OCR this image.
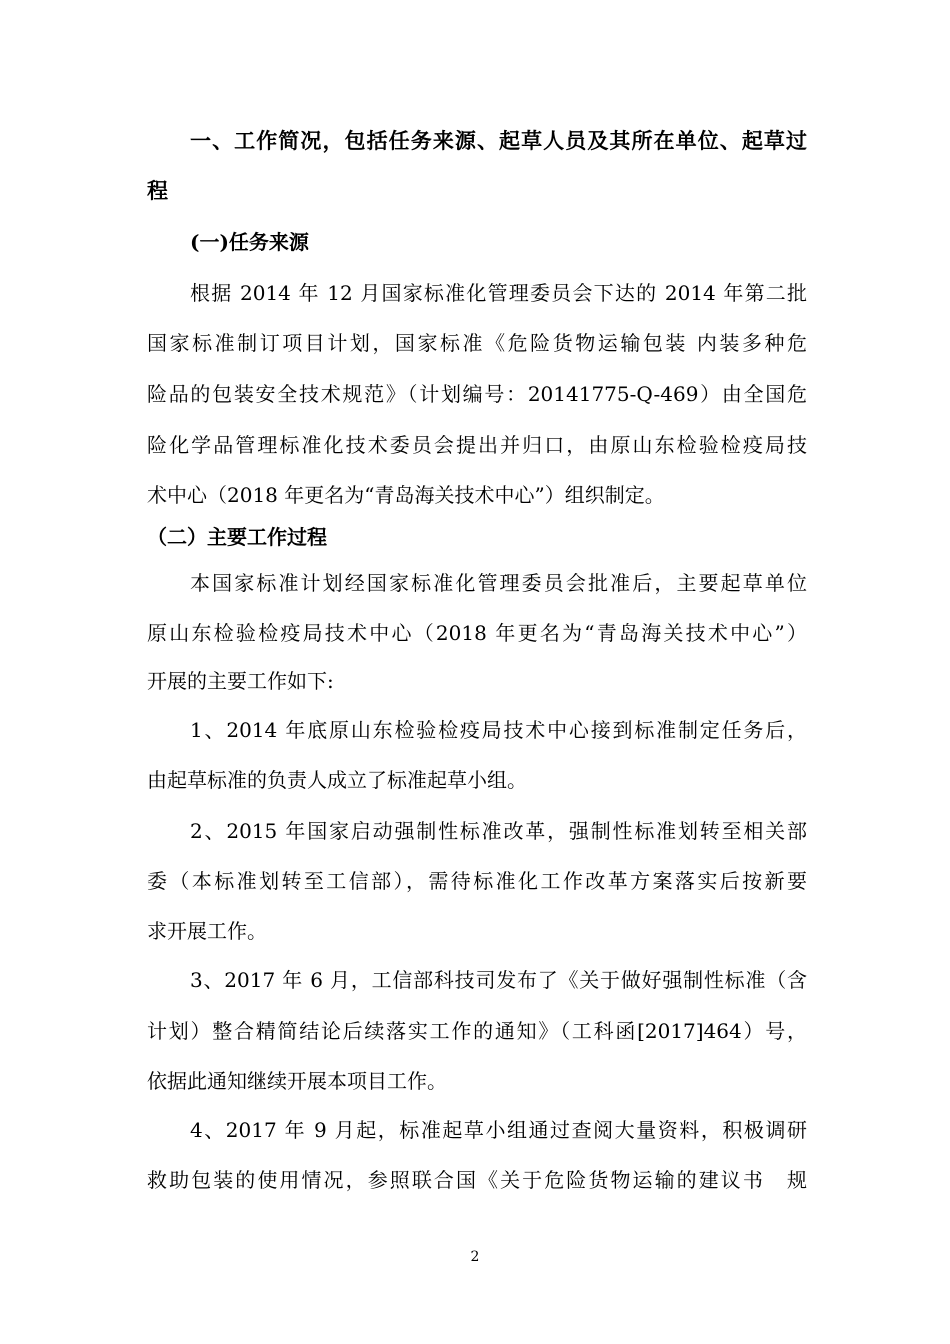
一、工作简况，包括任务来源、起草人员及其所在单位、起草过
程
(一)任务来源
根据 2014 年 12 月国家标准化管理委员会下达的 2014 年第二批
国家标准制订项目计划，国家标准《危险货物运输包装 内装多种危
险品的包装安全技术规范》（计划编号：20141775-Q-469）由全国危
险化学品管理标准化技术委员会提出并归口，由原山东检验检疫局技
术中心（2018 年更名为“青岛海关技术中心”）组织制定。
（二）主要工作过程
本国家标准计划经国家标准化管理委员会批准后，主要起草单位
原山东检验检疫局技术中心（2018 年更名为“青岛海关技术中心”）
开展的主要工作如下:
1、2014 年底原山东检验检疫局技术中心接到标准制定任务后，
由起草标准的负责人成立了标准起草小组。
2、2015 年国家启动强制性标准改革，强制性标准划转至相关部
委（本标准划转至工信部），需待标准化工作改革方案落实后按新要
求开展工作。
3、2017 年 6 月，工信部科技司发布了《关于做好强制性标准（含
计划）整合精简结论后续落实工作的通知》（工科函[2017]464）号，
依据此通知继续开展本项目工作。
4、2017 年 9 月起，标准起草小组通过查阅大量资料，积极调研
救助包装的使用情况，参照联合国《关于危险货物运输的建议书　规
2
